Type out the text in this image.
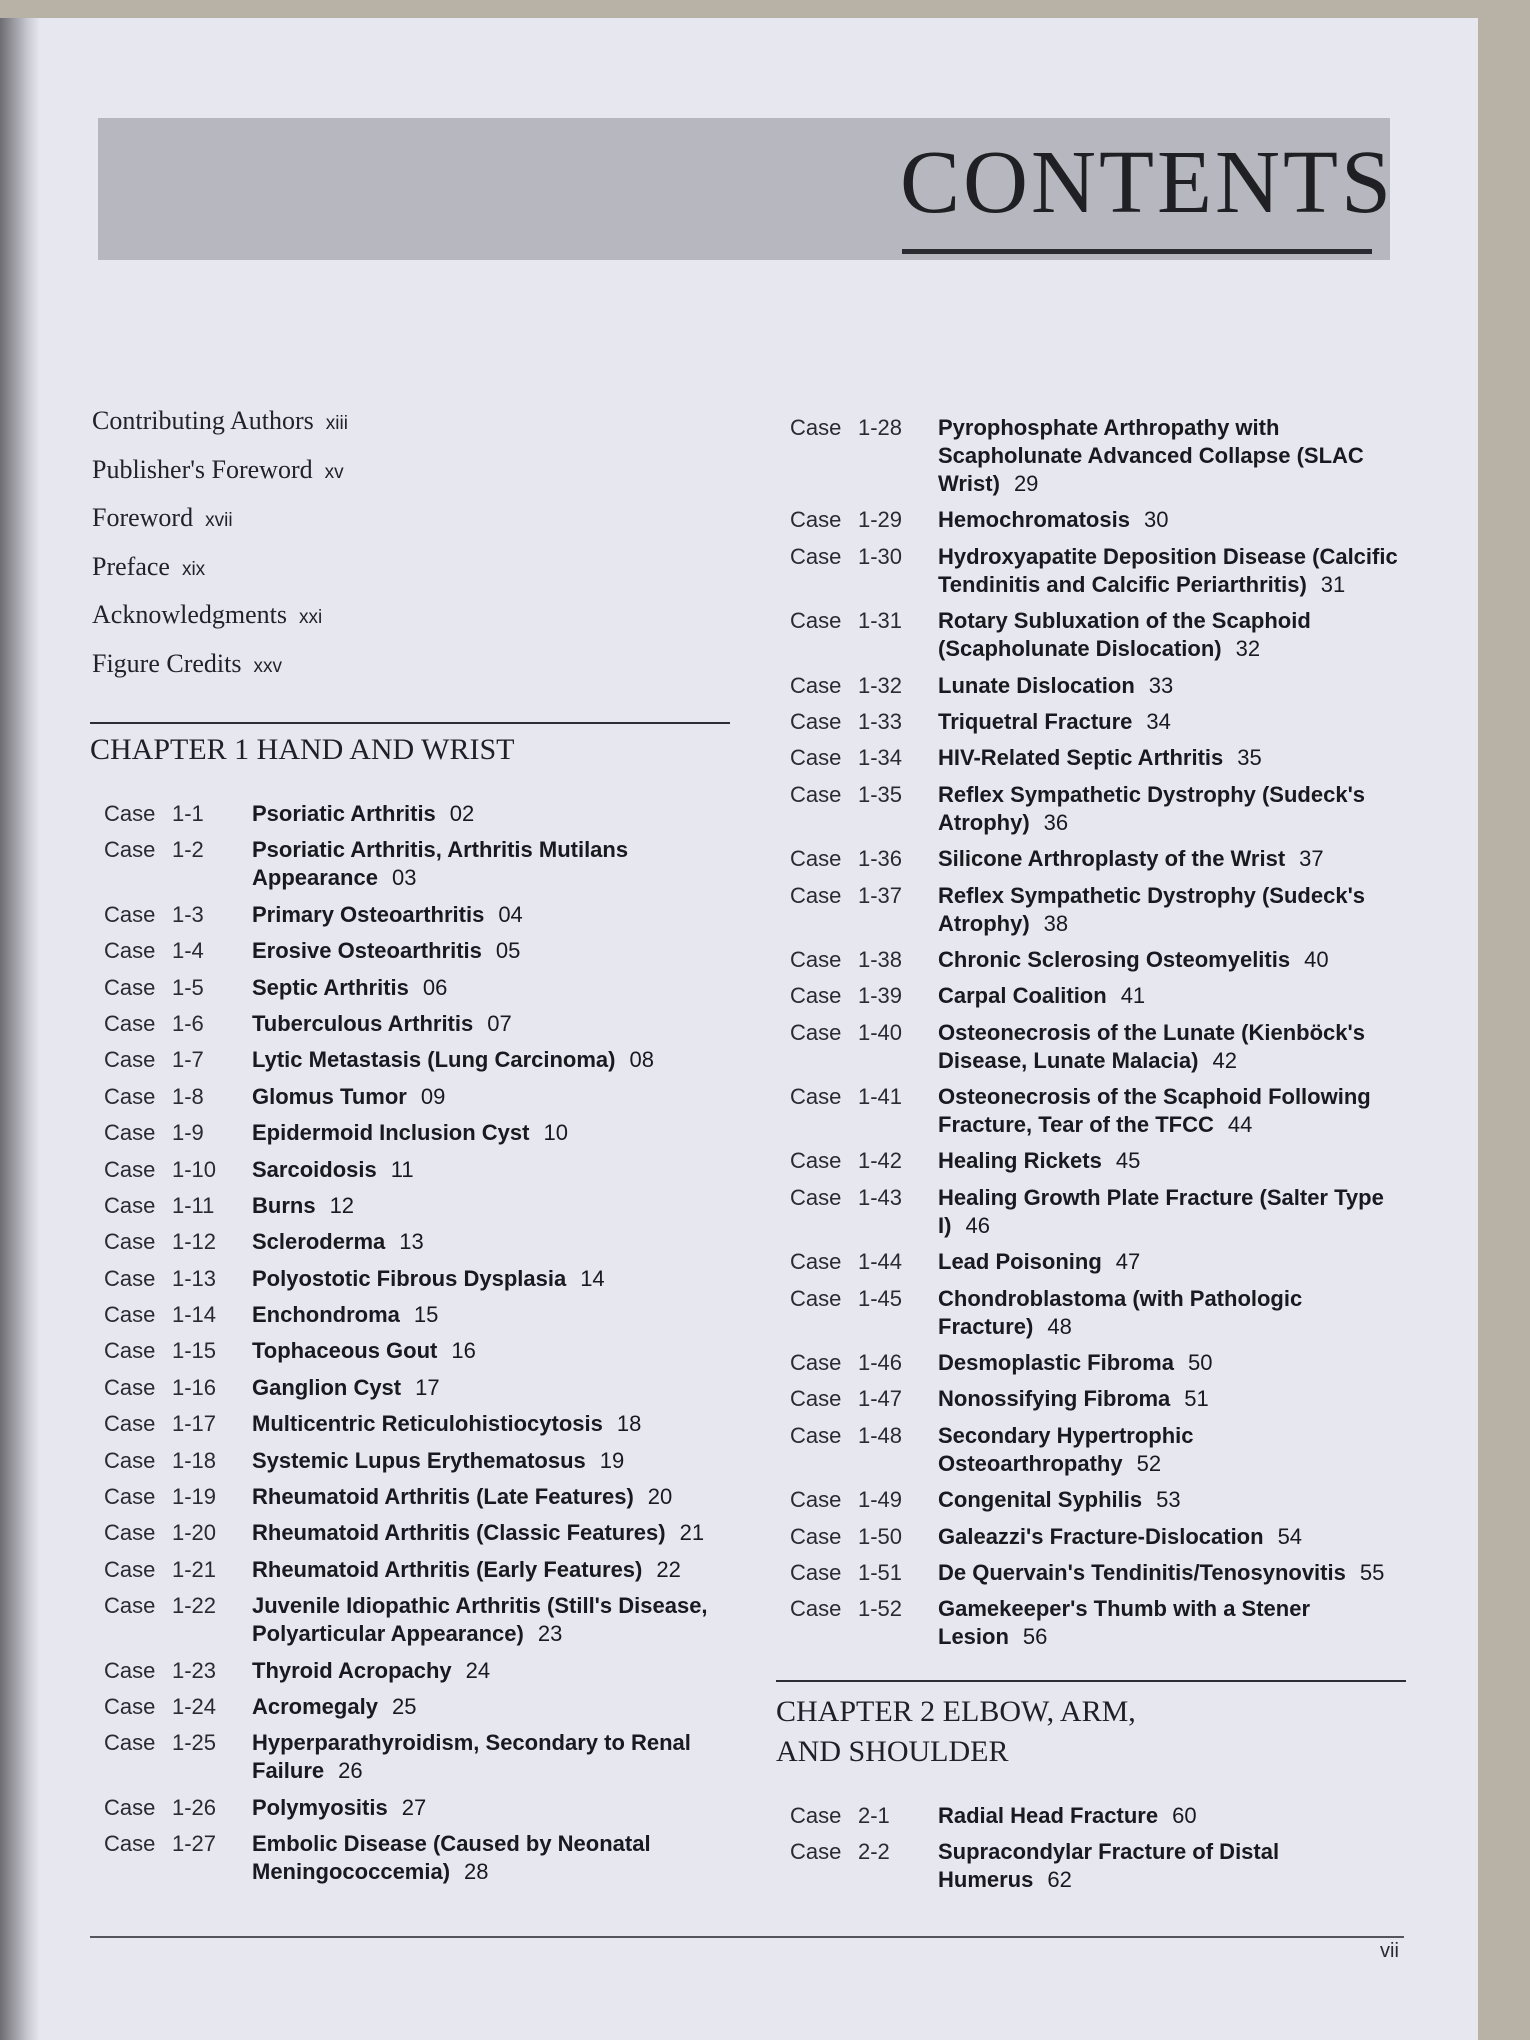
CONTENTS
Contributing Authors xiii
Publisher's Foreword xv
Foreword xvii
Preface xix
Acknowledgments xxi
Figure Credits xxv
CHAPTER 1 HAND AND WRIST
Case 1-1 Psoriatic Arthritis 02
Case 1-2 Psoriatic Arthritis, Arthritis Mutilans Appearance 03
Case 1-3 Primary Osteoarthritis 04
Case 1-4 Erosive Osteoarthritis 05
Case 1-5 Septic Arthritis 06
Case 1-6 Tuberculous Arthritis 07
Case 1-7 Lytic Metastasis (Lung Carcinoma) 08
Case 1-8 Glomus Tumor 09
Case 1-9 Epidermoid Inclusion Cyst 10
Case 1-10 Sarcoidosis 11
Case 1-11 Burns 12
Case 1-12 Scleroderma 13
Case 1-13 Polyostotic Fibrous Dysplasia 14
Case 1-14 Enchondroma 15
Case 1-15 Tophaceous Gout 16
Case 1-16 Ganglion Cyst 17
Case 1-17 Multicentric Reticulohistiocytosis 18
Case 1-18 Systemic Lupus Erythematosus 19
Case 1-19 Rheumatoid Arthritis (Late Features) 20
Case 1-20 Rheumatoid Arthritis (Classic Features) 21
Case 1-21 Rheumatoid Arthritis (Early Features) 22
Case 1-22 Juvenile Idiopathic Arthritis (Still's Disease, Polyarticular Appearance) 23
Case 1-23 Thyroid Acropachy 24
Case 1-24 Acromegaly 25
Case 1-25 Hyperparathyroidism, Secondary to Renal Failure 26
Case 1-26 Polymyositis 27
Case 1-27 Embolic Disease (Caused by Neonatal Meningococcemia) 28
Case 1-28 Pyrophosphate Arthropathy with Scapholunate Advanced Collapse (SLAC Wrist) 29
Case 1-29 Hemochromatosis 30
Case 1-30 Hydroxyapatite Deposition Disease (Calcific Tendinitis and Calcific Periarthritis) 31
Case 1-31 Rotary Subluxation of the Scaphoid (Scapholunate Dislocation) 32
Case 1-32 Lunate Dislocation 33
Case 1-33 Triquetral Fracture 34
Case 1-34 HIV-Related Septic Arthritis 35
Case 1-35 Reflex Sympathetic Dystrophy (Sudeck's Atrophy) 36
Case 1-36 Silicone Arthroplasty of the Wrist 37
Case 1-37 Reflex Sympathetic Dystrophy (Sudeck's Atrophy) 38
Case 1-38 Chronic Sclerosing Osteomyelitis 40
Case 1-39 Carpal Coalition 41
Case 1-40 Osteonecrosis of the Lunate (Kienböck's Disease, Lunate Malacia) 42
Case 1-41 Osteonecrosis of the Scaphoid Following Fracture, Tear of the TFCC 44
Case 1-42 Healing Rickets 45
Case 1-43 Healing Growth Plate Fracture (Salter Type I) 46
Case 1-44 Lead Poisoning 47
Case 1-45 Chondroblastoma (with Pathologic Fracture) 48
Case 1-46 Desmoplastic Fibroma 50
Case 1-47 Nonossifying Fibroma 51
Case 1-48 Secondary Hypertrophic Osteoarthropathy 52
Case 1-49 Congenital Syphilis 53
Case 1-50 Galeazzi's Fracture-Dislocation 54
Case 1-51 De Quervain's Tendinitis/Tenosynovitis 55
Case 1-52 Gamekeeper's Thumb with a Stener Lesion 56
CHAPTER 2 ELBOW, ARM, AND SHOULDER
Case 2-1 Radial Head Fracture 60
Case 2-2 Supracondylar Fracture of Distal Humerus 62
vii
